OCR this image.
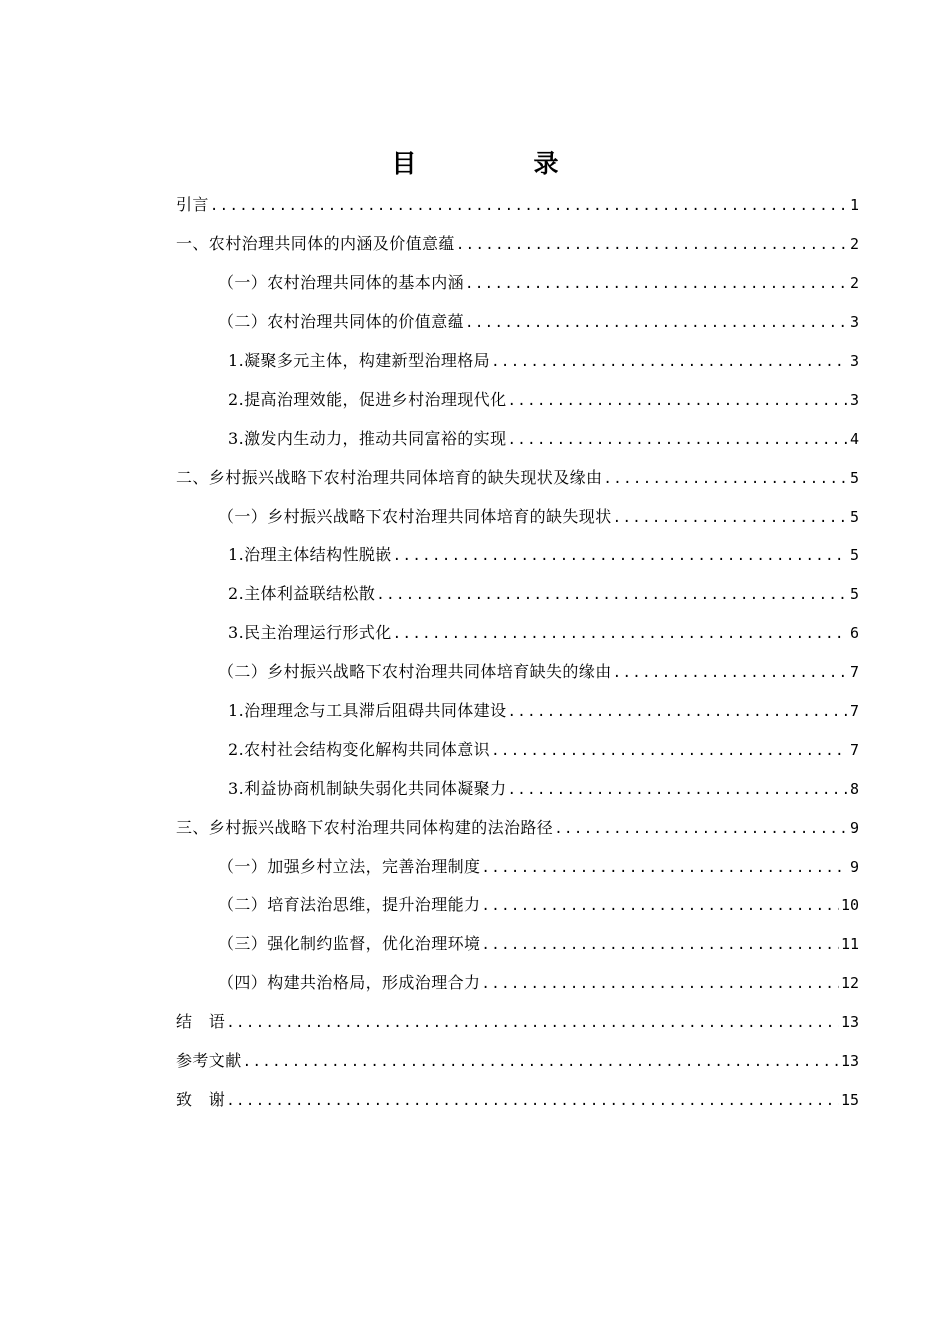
目　录
引言 .....	1
一、农村治理共同体的内涵及价值意蕴 .....	2
（一）农村治理共同体的基本内涵 .....	2
（二）农村治理共同体的价值意蕴 .....	3
1.凝聚多元主体，构建新型治理格局 .....	3
2.提高治理效能，促进乡村治理现代化 .....	3
3.激发内生动力，推动共同富裕的实现 .....	4
二、乡村振兴战略下农村治理共同体培育的缺失现状及缘由 .....	5
（一）乡村振兴战略下农村治理共同体培育的缺失现状 .....	5
1.治理主体结构性脱嵌 .....	5
2.主体利益联结松散 .....	5
3.民主治理运行形式化 .....	6
（二）乡村振兴战略下农村治理共同体培育缺失的缘由 .....	7
1.治理理念与工具滞后阻碍共同体建设 .....	7
2.农村社会结构变化解构共同体意识 .....	7
3.利益协商机制缺失弱化共同体凝聚力 .....	8
三、乡村振兴战略下农村治理共同体构建的法治路径 .....	9
（一）加强乡村立法，完善治理制度 .....	9
（二）培育法治思维，提升治理能力 .....	10
（三）强化制约监督，优化治理环境 .....	11
（四）构建共治格局，形成治理合力 .....	12
结　语 .....	13
参考文献 .....	13
致　谢 .....	15
